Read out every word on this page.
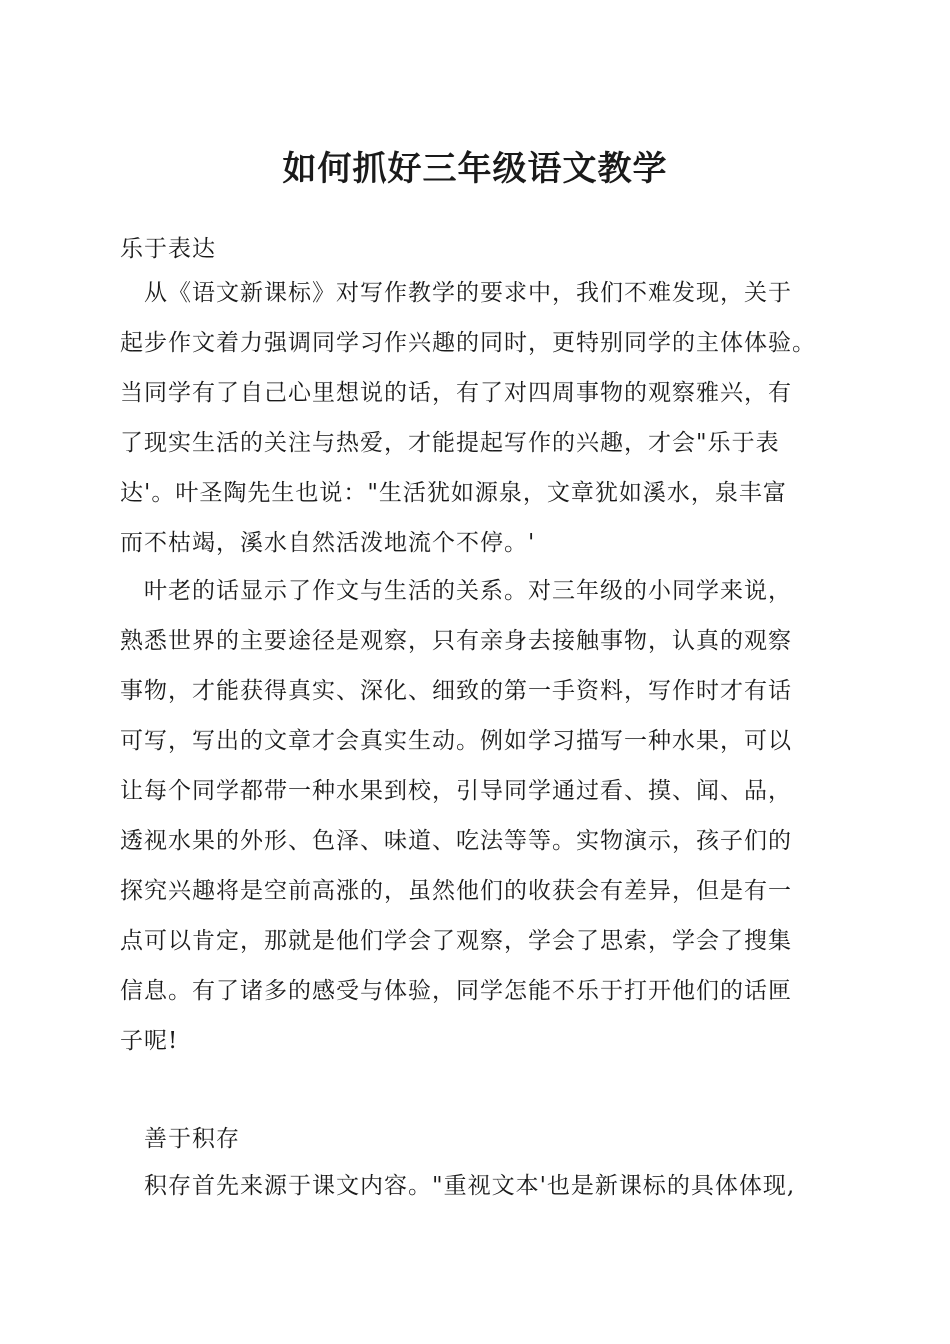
如何抓好三年级语文教学
乐于表达
从《语文新课标》对写作教学的要求中，我们不难发现，关于
起步作文着力强调同学习作兴趣的同时，更特别同学的主体体验。
当同学有了自己心里想说的话，有了对四周事物的观察雅兴，有
了现实生活的关注与热爱，才能提起写作的兴趣，才会"乐于表
达'。叶圣陶先生也说："生活犹如源泉，文章犹如溪水，泉丰富
而不枯竭，溪水自然活泼地流个不停。'
叶老的话显示了作文与生活的关系。对三年级的小同学来说，
熟悉世界的主要途径是观察，只有亲身去接触事物，认真的观察
事物，才能获得真实、深化、细致的第一手资料，写作时才有话
可写，写出的文章才会真实生动。例如学习描写一种水果，可以
让每个同学都带一种水果到校，引导同学通过看、摸、闻、品，
透视水果的外形、色泽、味道、吃法等等。实物演示，孩子们的
探究兴趣将是空前高涨的，虽然他们的收获会有差异，但是有一
点可以肯定，那就是他们学会了观察，学会了思索，学会了搜集
信息。有了诸多的感受与体验，同学怎能不乐于打开他们的话匣
子呢!
善于积存
积存首先来源于课文内容。"重视文本'也是新课标的具体体现,
